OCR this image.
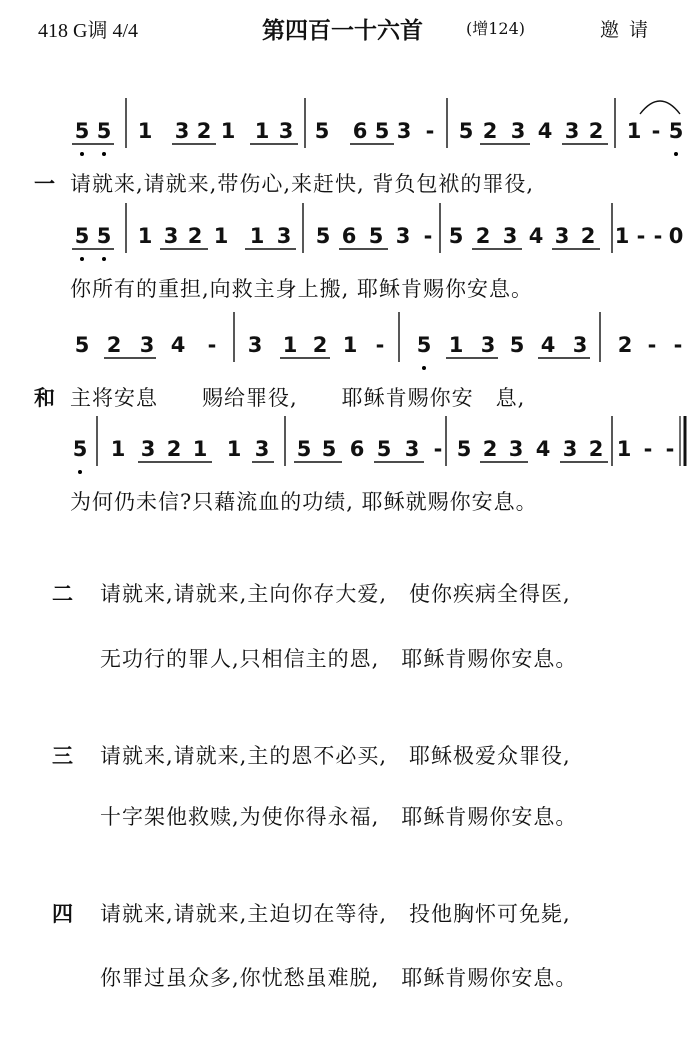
418 G调 4/4	第四百一十六首	(增124)	邀请
5 5 1 3 2 1 1 3 5 6 5 3 - 5 2 3 4 3 2 1 - 5
5 5 1 3 2 1 1 3 5 6 5 3 - 5 2 3 4 3 2 1 - - 0
5 2 3 4 - 3 1 2 1 - 5 1 3 5 4 3 2 - -
5 1 3 2 1 1 3 5 5 6 5 3 - 5 2 3 4 3 2 1 - -
一 请就来,请就来,带伤心,来赶快, 背负包袱的罪役,
你所有的重担,向救主身上搬, 耶稣肯赐你安息。
和 主将安息　　赐给罪役,　　耶稣肯赐你安　息,
为何仍未信?只藉流血的功绩, 耶稣就赐你安息。
二 请就来,请就来,主向你存大爱,　使你疾病全得医,
无功行的罪人,只相信主的恩,　耶稣肯赐你安息。
三 请就来,请就来,主的恩不必买,　耶稣极爱众罪役,
十字架他救赎,为使你得永福,　耶稣肯赐你安息。
四 请就来,请就来,主迫切在等待,　投他胸怀可免毙,
你罪过虽众多,你忧愁虽难脱,　耶稣肯赐你安息。
